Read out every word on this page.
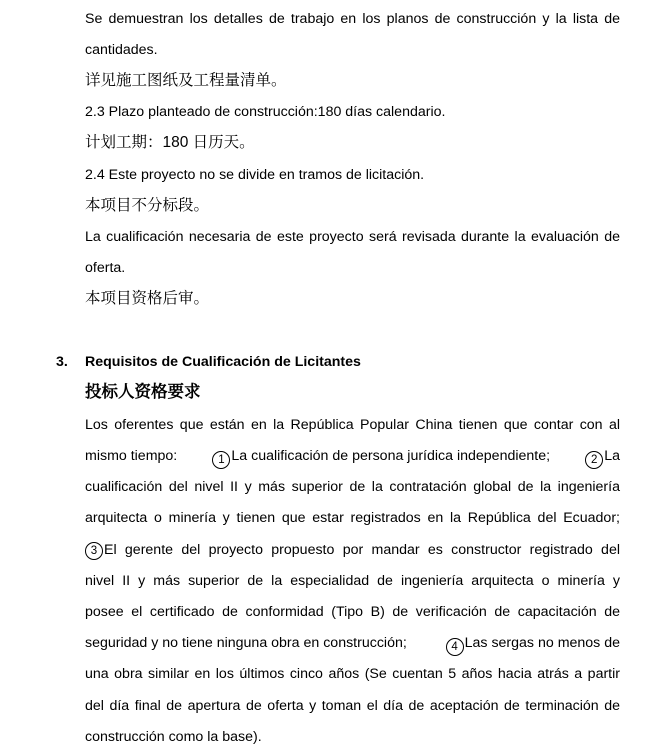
Se demuestran los detalles de trabajo en los planos de construcción y la lista de
cantidades.
详见施工图纸及工程量清单。
2.3 Plazo planteado de construcción:180 días calendario.
计划工期：180 日历天。
2.4 Este proyecto no se divide en tramos de licitación.
本项目不分标段。
La cualificación necesaria de este proyecto será revisada durante la evaluación de
oferta.
本项目资格后审。
3. Requisitos de Cualificación de Licitantes
投标人资格要求
Los oferentes que están en la República Popular China tienen que contar con al
mismo tiempo:	1 La cualificación de persona jurídica independiente;	2 La
cualificación del nivel II y más superior de la contratación global de la ingeniería
arquitecta o minería y tienen que estar registrados en la República del Ecuador;
3 El gerente del proyecto propuesto por mandar es constructor registrado del
nivel II y más superior de la especialidad de ingeniería arquitecta o minería y
posee el certificado de conformidad (Tipo B) de verificación de capacitación de
seguridad y no tiene ninguna obra en construcción;	4 Las sergas no menos de
una obra similar en los últimos cinco años (Se cuentan 5 años hacia atrás a partir
del día final de apertura de oferta y toman el día de aceptación de terminación de
construcción como la base).
